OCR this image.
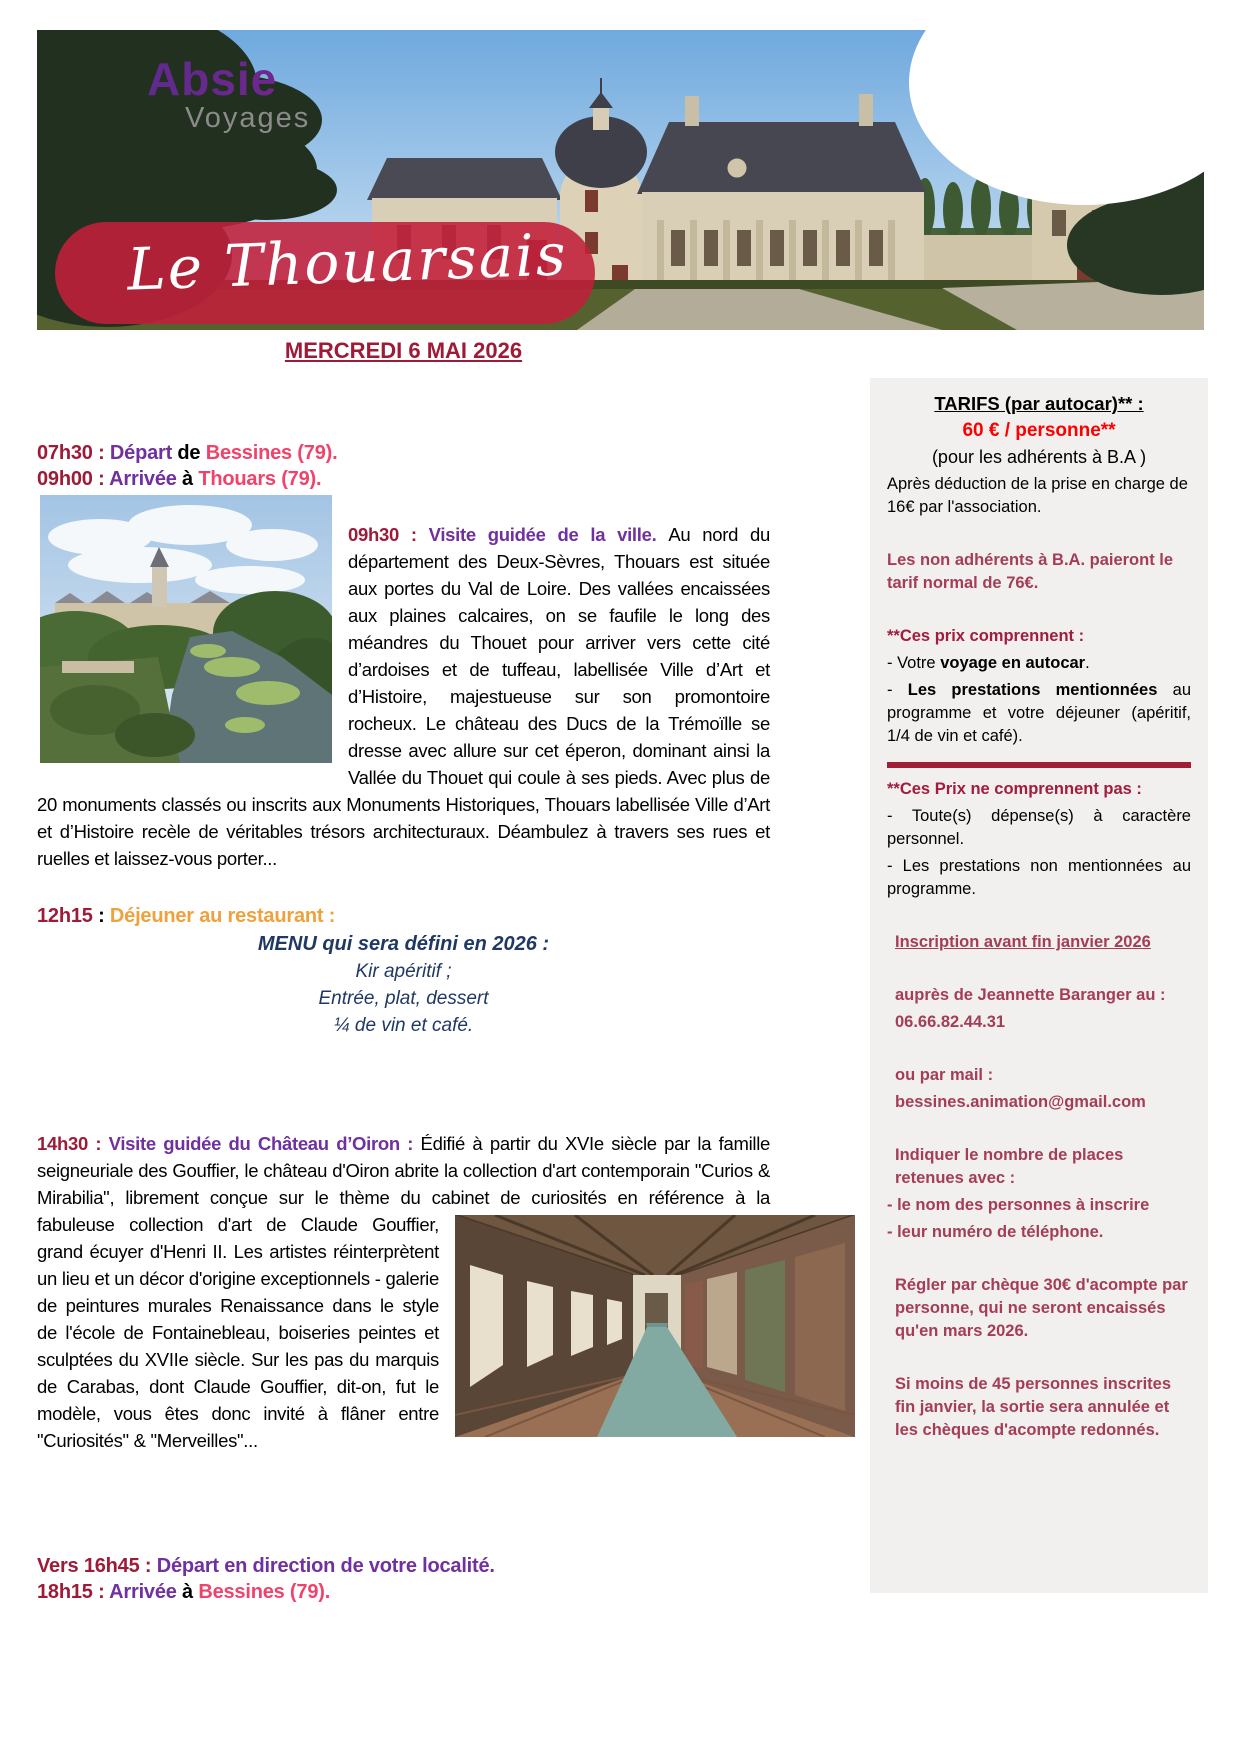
Absie
Voyages
Le Thouarsais
MERCREDI 6 MAI 2026

07h30 : Départ de Bessines (79).

09h00 : Arrivée à Thouars (79).

09h30 : Visite guidée de la ville. Au nord du département des Deux-Sèvres, Thouars est située aux portes du Val de Loire. Des vallées encaissées aux plaines calcaires, on se faufile le long des méandres du Thouet pour arriver vers cette cité d’ardoises et de tuffeau, labellisée Ville d’Art et d’Histoire, majestueuse sur son promontoire rocheux. Le château des Ducs de la Trémoïlle se dresse avec allure sur cet éperon, dominant ainsi la Vallée du Thouet qui coule à ses pieds. Avec plus de 20 monuments classés ou inscrits aux Monuments Historiques, Thouars labellisée Ville d’Art et d’Histoire recèle de véritables trésors architecturaux. Déambulez à travers ses rues et ruelles et laissez-vous porter...

12h15 : Déjeuner au restaurant :

MENU qui sera défini en 2026 :
Kir apéritif ;
Entrée, plat, dessert
¼ de vin et café.
14h30 : Visite guidée du Château d’Oiron : Édifié à partir du XVIe siècle par la famille seigneuriale des Gouffier, le château d'Oiron abrite la collection d'art contemporain "Curios & Mirabilia", librement conçue sur le thème du cabinet de curiosités en référence à la
fabuleuse collection d'art de Claude Gouffier, grand écuyer d'Henri II. Les artistes réinterprètent un lieu et un décor d'origine exceptionnels - galerie de peintures murales Renaissance dans le style de l'école de Fontainebleau, boiseries peintes et sculptées du XVIIe siècle. Sur les pas du marquis de Carabas, dont Claude Gouffier, dit-on, fut le modèle, vous êtes donc invité à flâner entre "Curiosités" & "Merveilles"...

Vers 16h45 : Départ en direction de votre localité.

18h15 : Arrivée à Bessines (79).

TARIFS (par autocar)** :

60 € / personne**

(pour les adhérents à B.A )

Après déduction de la prise en charge de 16€ par l'association.

Les non adhérents à B.A. paieront le tarif normal de 76€.

**Ces prix comprennent :

- Votre voyage en autocar.

- Les prestations mentionnées au programme et votre déjeuner (apéritif, 1/4 de vin et café).

**Ces Prix ne comprennent pas :

- Toute(s) dépense(s) à caractère personnel.

- Les prestations non mentionnées au programme.

Inscription avant fin janvier 2026

auprès de Jeannette Baranger au :

06.66.82.44.31

ou par mail :

bessines.animation@gmail.com

Indiquer le nombre de places retenues avec :

- le nom des personnes à inscrire

- leur numéro de téléphone.

Régler par chèque 30€ d'acompte par personne, qui ne seront encaissés qu'en mars 2026.

Si moins de 45 personnes inscrites fin janvier, la sortie sera annulée et les chèques d'acompte redonnés.
